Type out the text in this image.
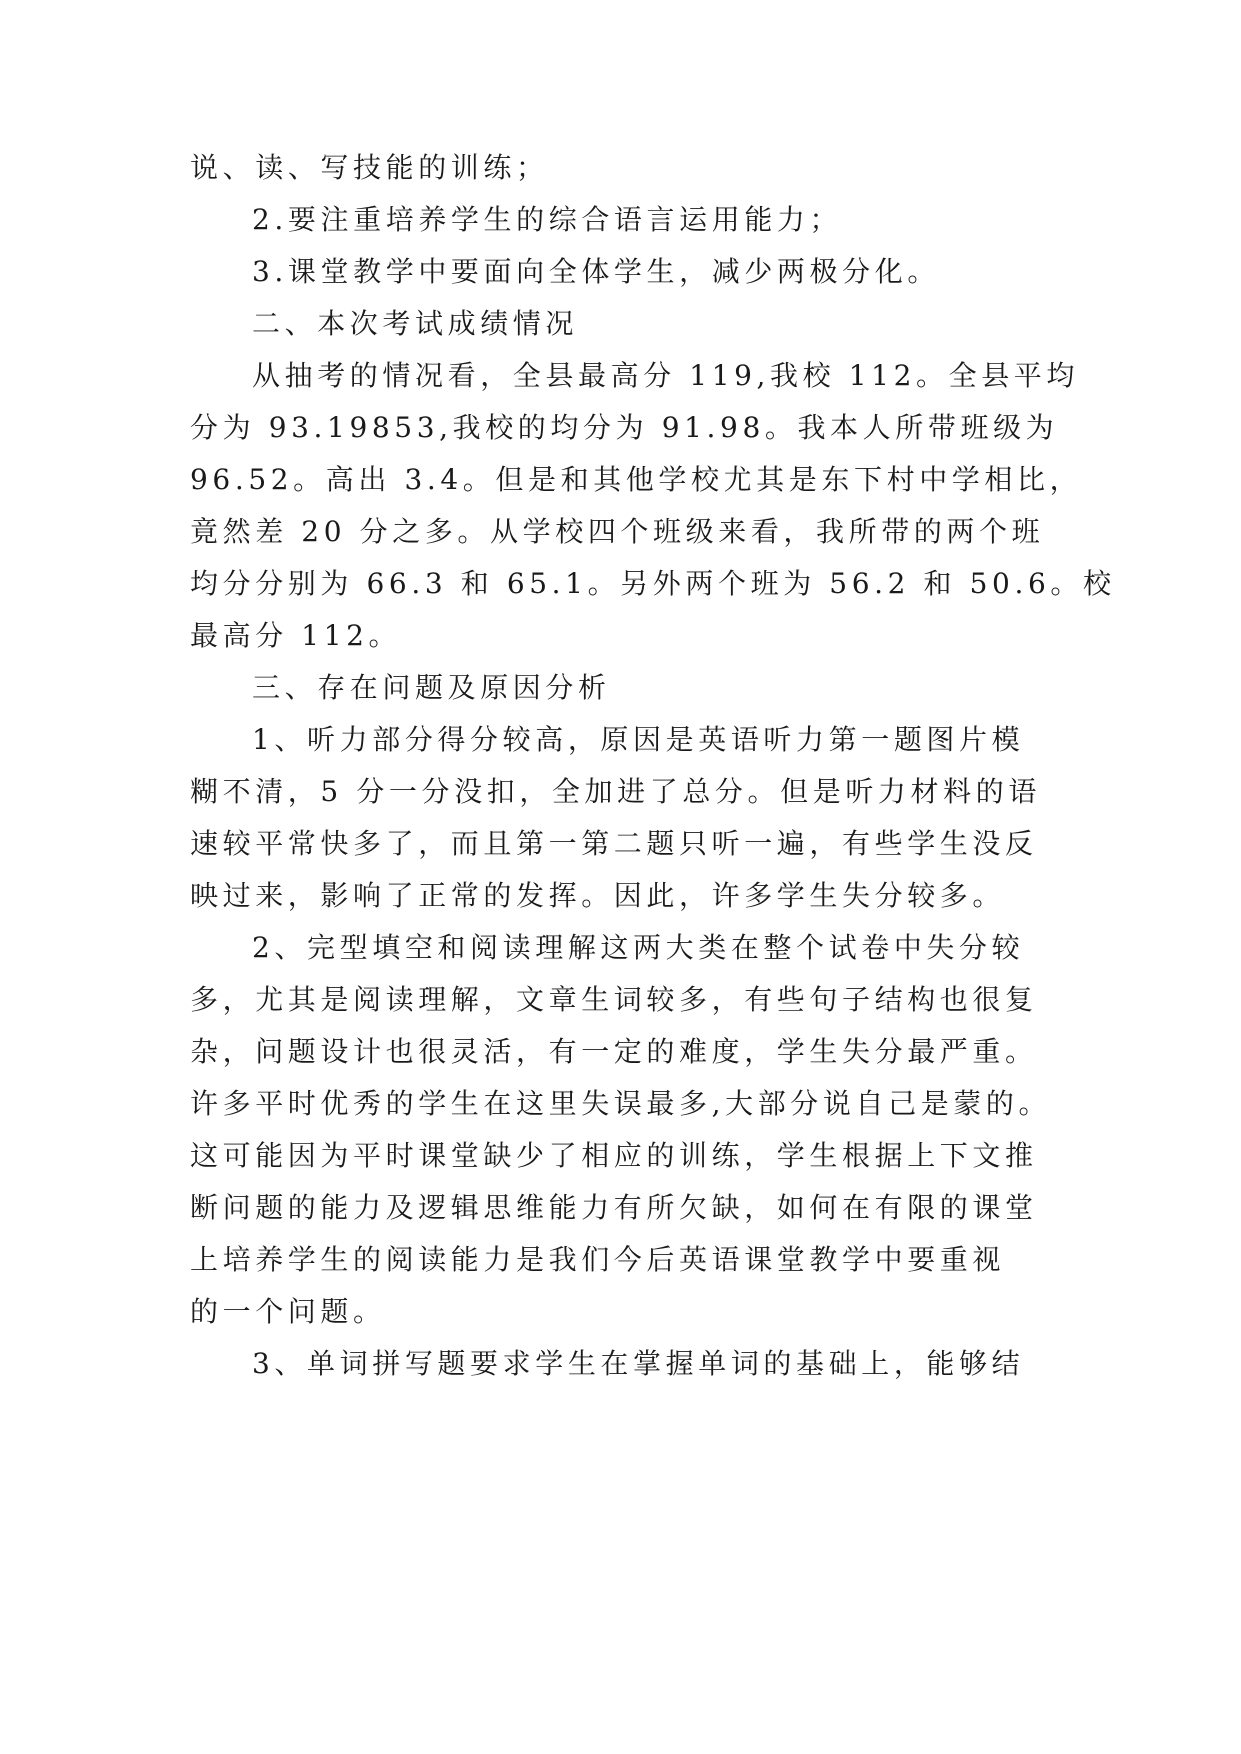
说、读、写技能的训练；
2.要注重培养学生的综合语言运用能力；
3.课堂教学中要面向全体学生，减少两极分化。
二、本次考试成绩情况
从抽考的情况看，全县最高分 119,我校 112。全县平均
分为 93.19853,我校的均分为 91.98。我本人所带班级为
96.52。高出 3.4。但是和其他学校尤其是东下村中学相比，
竟然差 20 分之多。从学校四个班级来看，我所带的两个班
均分分别为 66.3 和 65.1。另外两个班为 56.2 和 50.6。校
最高分 112。
三、存在问题及原因分析
1、听力部分得分较高，原因是英语听力第一题图片模
糊不清，5 分一分没扣，全加进了总分。但是听力材料的语
速较平常快多了，而且第一第二题只听一遍，有些学生没反
映过来，影响了正常的发挥。因此，许多学生失分较多。
2、完型填空和阅读理解这两大类在整个试卷中失分较
多，尤其是阅读理解，文章生词较多，有些句子结构也很复
杂，问题设计也很灵活，有一定的难度，学生失分最严重。
许多平时优秀的学生在这里失误最多,大部分说自己是蒙的。
这可能因为平时课堂缺少了相应的训练，学生根据上下文推
断问题的能力及逻辑思维能力有所欠缺，如何在有限的课堂
上培养学生的阅读能力是我们今后英语课堂教学中要重视
的一个问题。
3、单词拼写题要求学生在掌握单词的基础上，能够结
